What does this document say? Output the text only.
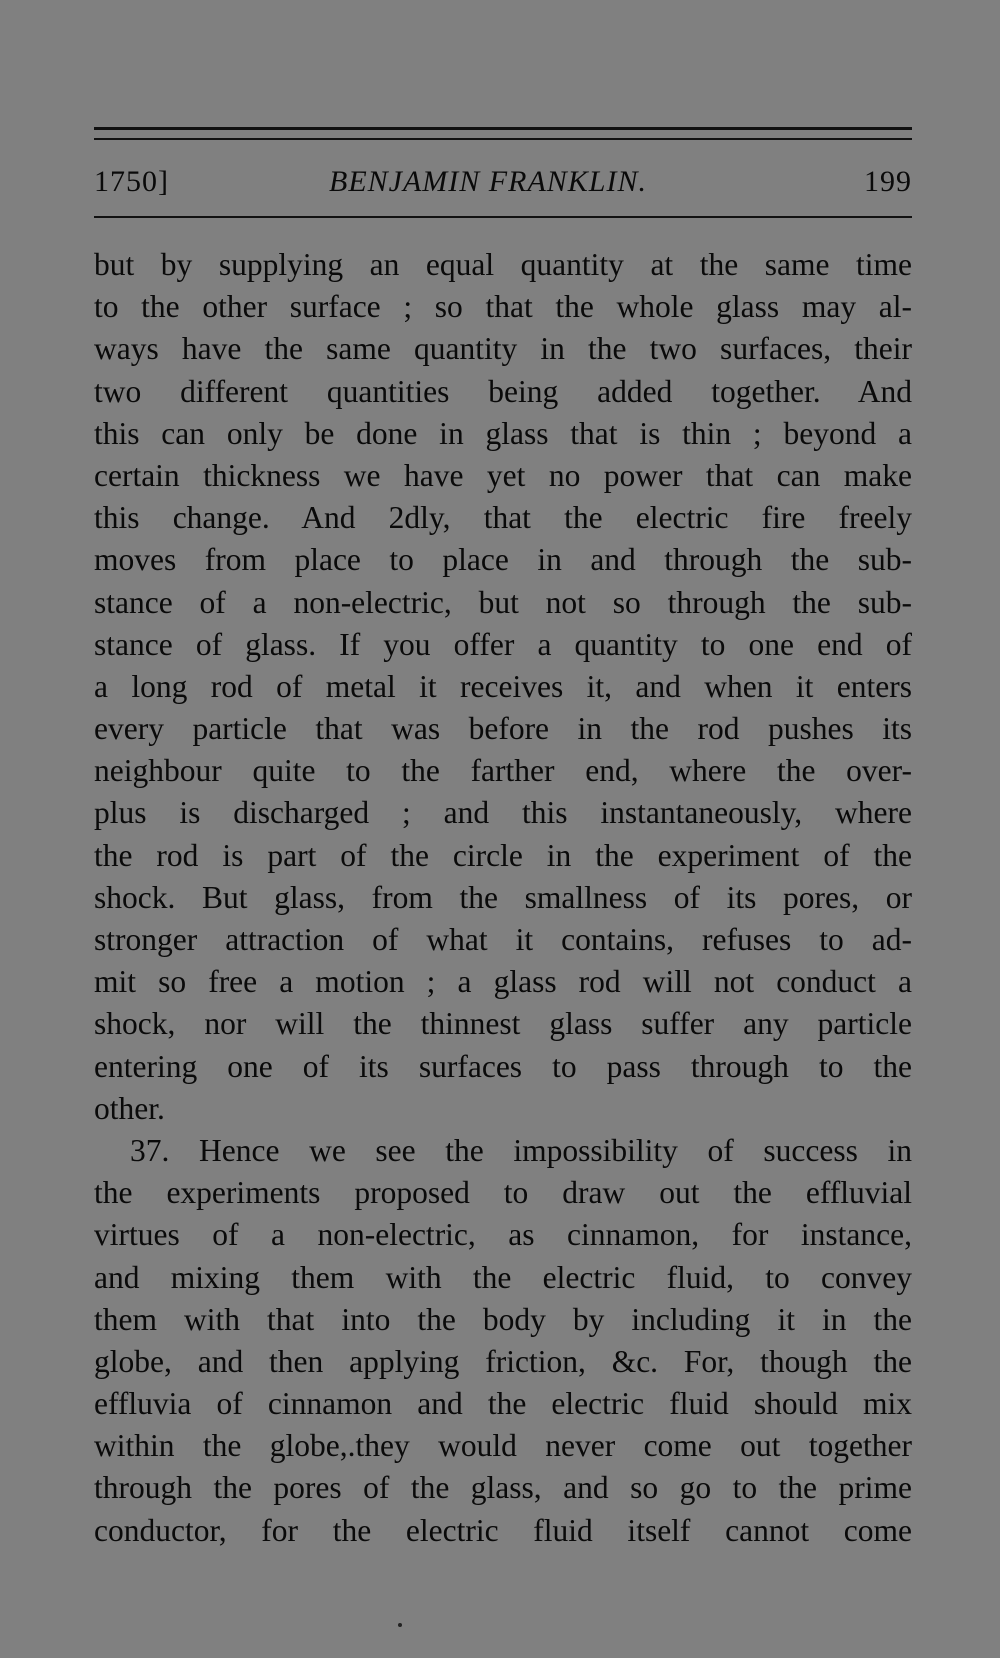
1750]	BENJAMIN FRANKLIN.	199
but by supplying an equal quantity at the same time
to the other surface ; so that the whole glass may al-
ways have the same quantity in the two surfaces, their
two different quantities being added together. And
this can only be done in glass that is thin ; beyond a
certain thickness we have yet no power that can make
this change. And 2dly, that the electric fire freely
moves from place to place in and through the sub-
stance of a non-electric, but not so through the sub-
stance of glass. If you offer a quantity to one end of
a long rod of metal it receives it, and when it enters
every particle that was before in the rod pushes its
neighbour quite to the farther end, where the over-
plus is discharged ; and this instantaneously, where
the rod is part of the circle in the experiment of the
shock. But glass, from the smallness of its pores, or
stronger attraction of what it contains, refuses to ad-
mit so free a motion ; a glass rod will not conduct a
shock, nor will the thinnest glass suffer any particle
entering one of its surfaces to pass through to the
other.
37. Hence we see the impossibility of success in
the experiments proposed to draw out the effluvial
virtues of a non-electric, as cinnamon, for instance,
and mixing them with the electric fluid, to convey
them with that into the body by including it in the
globe, and then applying friction, &c. For, though the
effluvia of cinnamon and the electric fluid should mix
within the globe,.they would never come out together
through the pores of the glass, and so go to the prime
conductor, for the electric fluid itself cannot come
